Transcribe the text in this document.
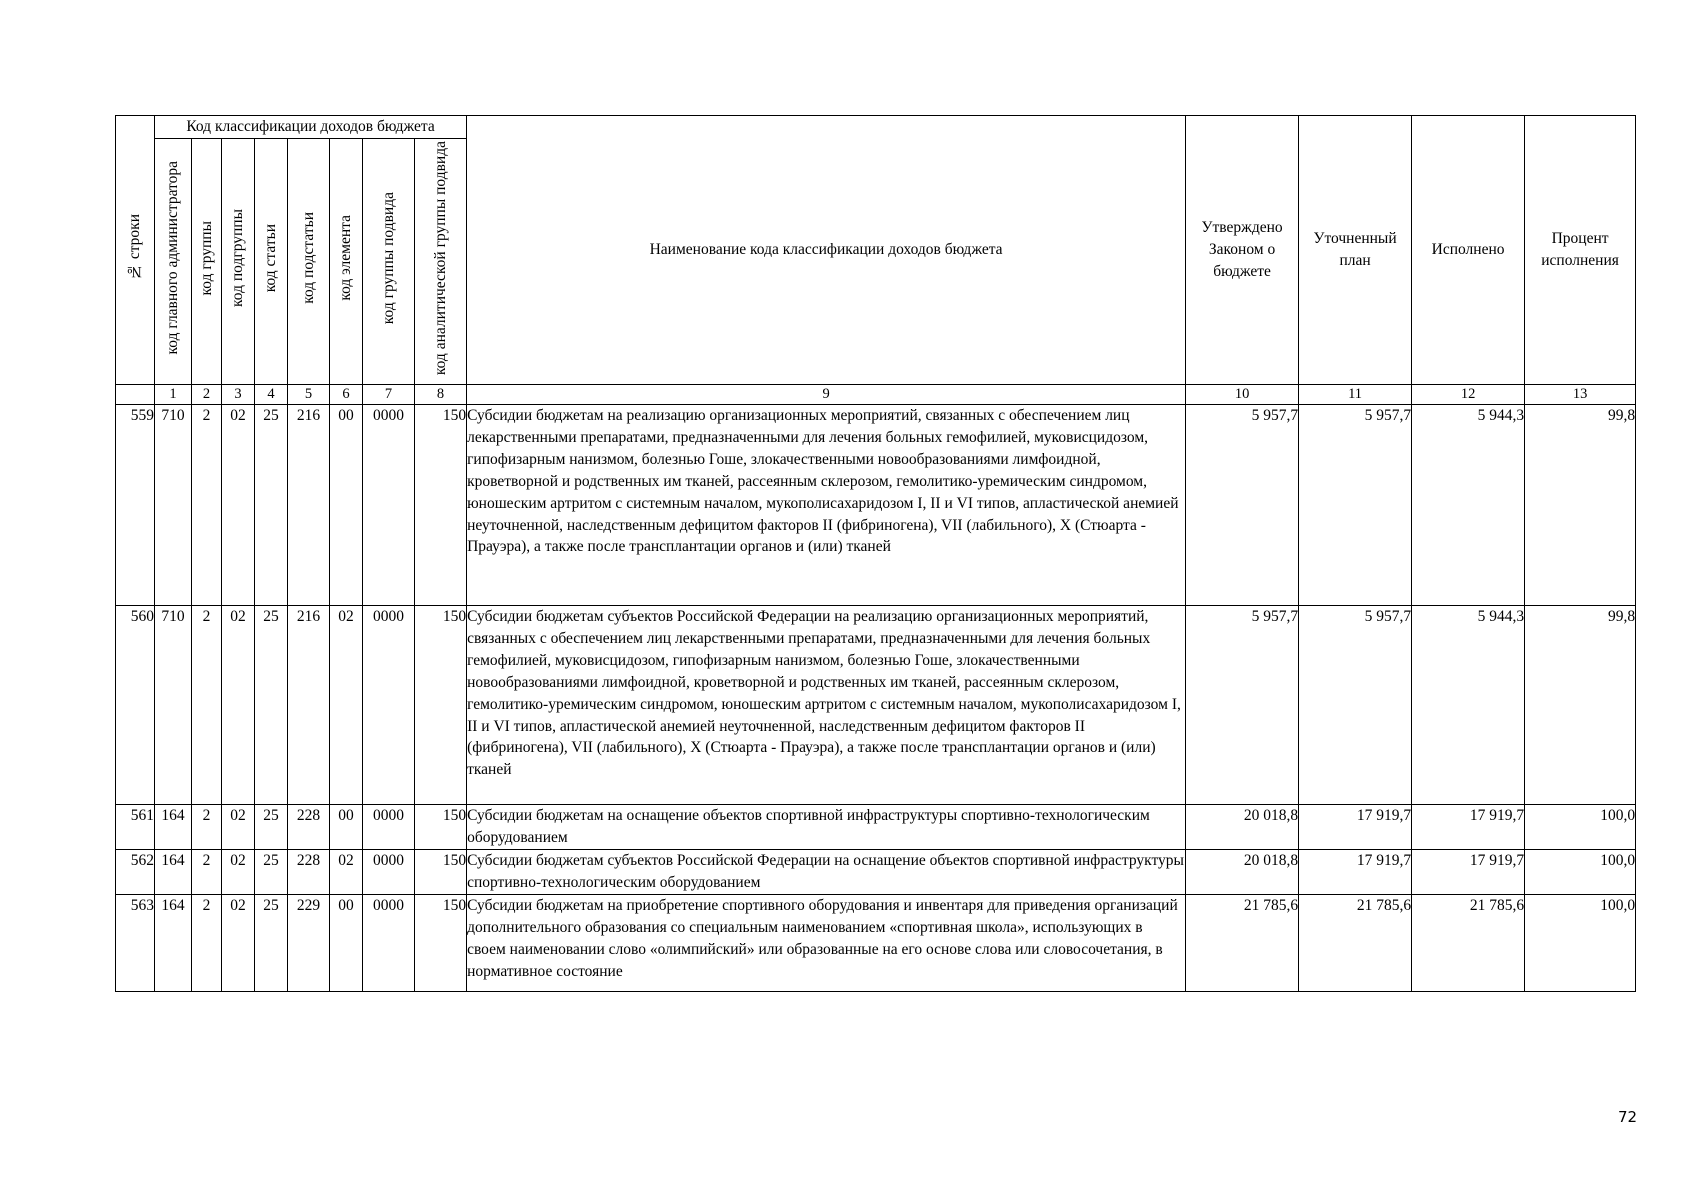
№ строки	Код классификации доходов бюджета								Наименование кода классификации доходов бюджета	Утверждено Законом о бюджете	Уточненный план	Исполнено	Процент исполнения
	код главного администратора	код группы	код подгруппы	код статьи	код подстатьи	код элемента	код группы подвида	код аналитической группы подвида					
	1	2	3	4	5	6	7	8	9	10	11	12	13
559	710	2	02	25	216	00	0000	150	Субсидии бюджетам на реализацию организационных мероприятий, связанных с обеспечением лиц лекарственными препаратами, предназначенными для лечения больных гемофилией, муковисцидозом, гипофизарным нанизмом, болезнью Гоше, злокачественными новообразованиями лимфоидной, кроветворной и родственных им тканей, рассеянным склерозом, гемолитико-уремическим синдромом, юношеским артритом с системным началом, мукополисахаридозом I, II и VI типов, апластической анемией неуточненной, наследственным дефицитом факторов II (фибриногена), VII (лабильного), X (Стюарта - Прауэра), а также после трансплантации органов и (или) тканей	5 957,7	5 957,7	5 944,3	99,8
560	710	2	02	25	216	02	0000	150	Субсидии бюджетам субъектов Российской Федерации на реализацию организационных мероприятий, связанных с обеспечением лиц лекарственными препаратами, предназначенными для лечения больных гемофилией, муковисцидозом, гипофизарным нанизмом, болезнью Гоше, злокачественными новообразованиями лимфоидной, кроветворной и родственных им тканей, рассеянным склерозом, гемолитико-уремическим синдромом, юношеским артритом с системным началом, мукополисахаридозом I, II и VI типов, апластической анемией неуточненной, наследственным дефицитом факторов II (фибриногена), VII (лабильного), X (Стюарта - Прауэра), а также после трансплантации органов и (или) тканей	5 957,7	5 957,7	5 944,3	99,8
561	164	2	02	25	228	00	0000	150	Субсидии бюджетам на оснащение объектов спортивной инфраструктуры спортивно-технологическим оборудованием	20 018,8	17 919,7	17 919,7	100,0
562	164	2	02	25	228	02	0000	150	Субсидии бюджетам субъектов Российской Федерации на оснащение объектов спортивной инфраструктуры спортивно-технологическим оборудованием	20 018,8	17 919,7	17 919,7	100,0
563	164	2	02	25	229	00	0000	150	Субсидии бюджетам на приобретение спортивного оборудования и инвентаря для приведения организаций дополнительного образования со специальным наименованием «спортивная школа», использующих в своем наименовании слово «олимпийский» или образованные на его основе слова или словосочетания, в нормативное состояние	21 785,6	21 785,6	21 785,6	100,0
72
